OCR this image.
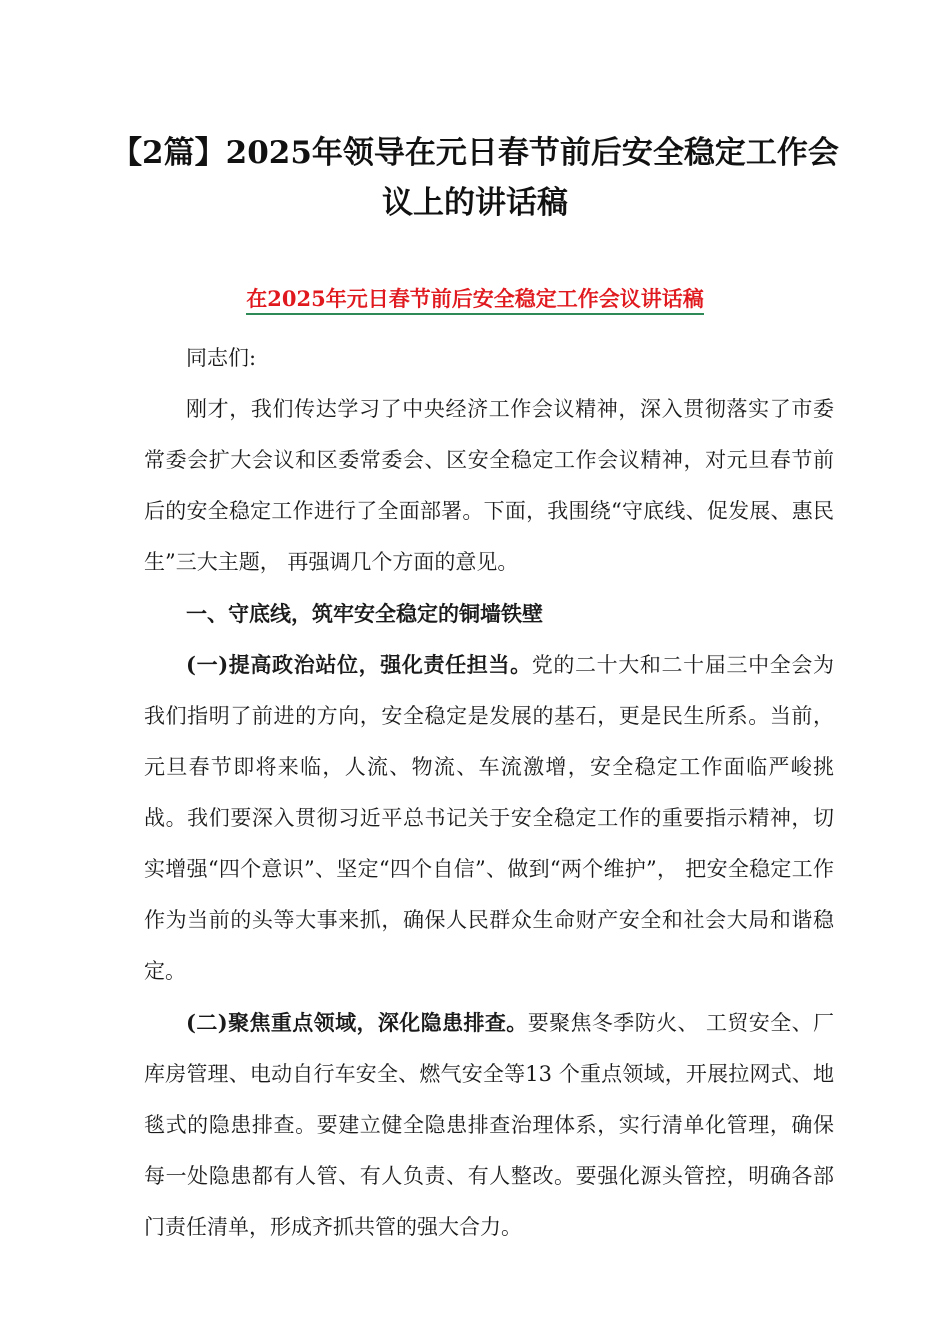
【2篇】2025年领导在元日春节前后安全稳定工作会议上的讲话稿
在2025年元日春节前后安全稳定工作会议讲话稿

同志们:

刚才，我们传达学习了中央经济工作会议精神，深入贯彻落实了市委常委会扩大会议和区委常委会、区安全稳定工作会议精神，对元旦春节前后的安全稳定工作进行了全面部署。下面，我围绕“守底线、促发展、惠民生”三大主题， 再强调几个方面的意见。

一、守底线，筑牢安全稳定的铜墙铁壁

(一)提高政治站位，强化责任担当。党的二十大和二十届三中全会为我们指明了前进的方向，安全稳定是发展的基石，更是民生所系。当前，元旦春节即将来临，人流、物流、车流激增，安全稳定工作面临严峻挑战。我们要深入贯彻习近平总书记关于安全稳定工作的重要指示精神，切实增强“四个意识”、坚定“四个自信”、做到“两个维护”， 把安全稳定工作作为当前的头等大事来抓，确保人民群众生命财产安全和社会大局和谐稳定。

(二)聚焦重点领域，深化隐患排查。要聚焦冬季防火、 工贸安全、厂库房管理、电动自行车安全、燃气安全等13 个重点领域，开展拉网式、地毯式的隐患排查。要建立健全隐患排查治理体系，实行清单化管理，确保每一处隐患都有人管、有人负责、有人整改。要强化源头管控，明确各部门责任清单，形成齐抓共管的强大合力。
